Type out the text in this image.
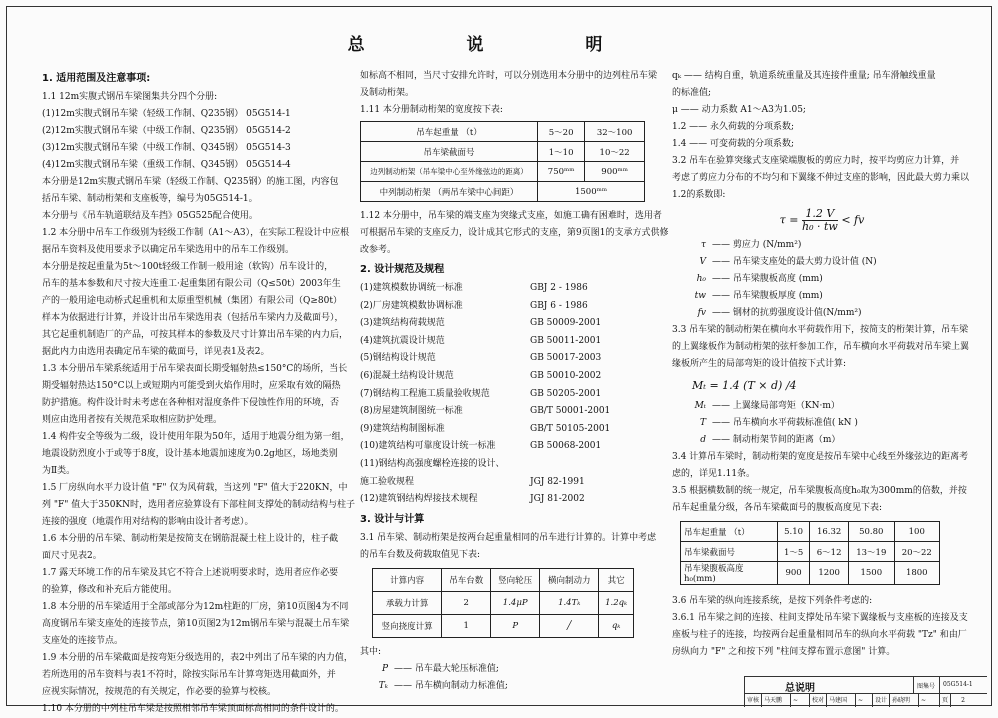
总 说 明

1. 适用范围及注意事项:

1.1 12m实腹式钢吊车梁图集共分四个分册:

(1)12m实腹式钢吊车梁（轻级工作制、Q235钢） 05G514-1

(2)12m实腹式钢吊车梁（中级工作制、Q235钢） 05G514-2

(3)12m实腹式钢吊车梁（中级工作制、Q345钢） 05G514-3

(4)12m实腹式钢吊车梁（重级工作制、Q345钢） 05G514-4

本分册是12m实腹式钢吊车梁（轻级工作制、Q235钢）的施工图，内容包

括吊车梁、制动桁架和支座板等，编号为05G514-1。

本分册与《吊车轨道联结及车挡》05G525配合使用。

1.2 本分册中吊车工作级别为轻级工作制（A1～A3），在实际工程设计中应根

据吊车资料及使用要求予以确定吊车梁选用中的吊车工作级别。

本分册是按起重量为5t～100t轻级工作制一般用途（软钩）吊车设计的，

吊车的基本参数和尺寸按大连重工·起重集团有限公司（Q≤50t）2003年生

产的一般用途电动桥式起重机和太原重型机械（集团）有限公司（Q≥80t）

样本为依据进行计算，并设计出吊车梁选用表（包括吊车梁内力及截面号），

其它起重机制造厂的产品，可按其样本的参数及尺寸计算出吊车梁的内力后，

据此内力由选用表确定吊车梁的截面号，详见表1及表2。

1.3 本分册吊车梁系统适用于吊车梁表面长期受辐射热≤150°C的场所，当长

期受辐射热达150°C以上或短期内可能受到火焰作用时，应采取有效的隔热

防护措施。构件设计时未考虑在各种相对湿度条件下侵蚀性作用的环境，否

则应由选用者按有关规范采取相应防护处理。

1.4 构件安全等级为二级，设计使用年限为50年，适用于地震分组为第一组，

地震设防烈度小于或等于8度，设计基本地震加速度为0.2g地区，场地类别

为Ⅱ类。

1.5 厂房纵向水平力设计值 "F" 仅为风荷载，当这列 "F" 值大于220KN，中

列 "F" 值大于350KN时，选用者应验算设有下部柱间支撑处的制动结构与柱子

连接的强度（地震作用对结构的影响由设计者考虑）。

1.6 本分册的吊车梁、制动桁架是按简支在钢筋混凝土柱上设计的，柱子截

面尺寸见表2。

1.7 露天环境工作的吊车梁及其它不符合上述说明要求时，选用者应作必要

的验算，修改和补充后方能使用。

1.8 本分册的吊车梁适用于全部或部分为12m柱距的厂房，第10页图4为不同

高度钢吊车梁支座处的连接节点，第10页图2为12m钢吊车梁与混凝土吊车梁

支座处的连接节点。

1.9 本分册的吊车梁截面是按弯矩分级选用的，表2中列出了吊车梁的内力值，

若所选用的吊车资料与表1不符时，除按实际吊车计算弯矩选用截面外，并

应视实际情况，按规范的有关规定，作必要的验算与校核。

1.10 本分册的中列柱吊车梁是按照相邻吊车梁顶面标高相同的条件设计的。

如标高不相同，当尺寸安排允许时，可以分别选用本分册中的边列柱吊车梁

及制动桁架。

1.11 本分册制动桁架的宽度按下表:

吊车起重量 （t）	5～20	32～100
吊车梁截面号	1～10	10～22
边列制动桁架（吊车梁中心至外缘弦边的距离）	750ᵐᵐ	900ᵐᵐ
中列制动桁架 （两吊车梁中心间距）	1500ᵐᵐ	

1.12 本分册中，吊车梁的端支座为突缘式支座，如施工确有困难时，选用者

可根据吊车梁的支座反力，设计成其它形式的支座，第9页图1的支承方式供修

改参考。

2. 设计规范及规程

(1)建筑模数协调统一标准	GBJ 2 - 1986
(2)厂房建筑模数协调标准	GBJ 6 - 1986
(3)建筑结构荷载规范	GB 50009-2001
(4)建筑抗震设计规范	GB 50011-2001
(5)钢结构设计规范	GB 50017-2003
(6)混凝土结构设计规范	GB 50010-2002
(7)钢结构工程施工质量验收规范	GB 50205-2001
(8)房屋建筑制图统一标准	GB/T 50001-2001
(9)建筑结构制图标准	GB/T 50105-2001
(10)建筑结构可靠度设计统一标准	GB 50068-2001
(11)钢结构高强度螺栓连接的设计、
施工验收规程	JGJ 82-1991
(12)建筑钢结构焊接技术规程	JGJ 81-2002

3. 设计与计算

3.1 吊车梁、制动桁架是按两台起重量相同的吊车进行计算的。计算中考虑

的吊车台数及荷载取值见下表:

计算内容	吊车台数	竖向轮压	横向制动力	其它
承载力计算	2	1.4μP	1.4Tₖ	1.2qₖ
竖向挠度计算	1	P	╱	qₖ

其中:

P —— 吊车最大轮压标准值;
Tₖ —— 吊车横向制动力标准值;

qₖ —— 结构自重，轨道系统重量及其连接件重量; 吊车滑触线重量

的标准值;

μ —— 动力系数 A1～A3为1.05;

1.2 —— 永久荷载的分项系数;

1.4 —— 可变荷载的分项系数;

3.2 吊车在验算突缘式支座梁端腹板的剪应力时，按平均剪应力计算，并

考虑了剪应力分布的不均匀和下翼缘不伸过支座的影响，因此最大剪力乘以

1.2的系数即:

$\tau = \frac{1.2 V}{\text{h₀ · tw}}$ < fv

τ —— 剪应力 (N/mm²)
V —— 吊车梁支座处的最大剪力设计值 (N)
h₀ —— 吊车梁腹板高度 (mm)
tw —— 吊车梁腹板厚度 (mm)
fv —— 钢材的抗剪强度设计值(N/mm²)

3.3 吊车梁的制动桁架在横向水平荷载作用下，按简支的桁架计算，吊车梁

的上翼缘板作为制动桁架的弦杆参加工作，吊车横向水平荷载对吊车梁上翼

缘板所产生的局部弯矩的设计值按下式计算:

Mₜ = 1.4 (T × d) /4

Mₜ —— 上翼缘局部弯矩（KN·m）
T —— 吊车横向水平荷载标准值( kN )
d —— 制动桁架节间的距离（m）

3.4 计算吊车梁时，制动桁架的宽度是按吊车梁中心线至外缘弦边的距离考

虑的，详见1.11条。

3.5 根据横数制的统一规定，吊车梁腹板高度h₀取为300mm的倍数，并按

吊车起重量分级，各吊车梁截面号的腹板高度见下表:

吊车起重量 （t）	5.10	16.32	50.80	100
吊车梁截面号	1～5	6～12	13～19	20～22
吊车梁腹板高度 h₀(mm)	900	1200	1500	1800

3.6 吊车梁的纵向连接系统，是按下列条件考虑的:

3.6.1 吊车梁之间的连接、柱间支撑处吊车梁下翼缘板与支座板的连接及支

座板与柱子的连接，均按两台起重量相同吊车的纵向水平荷载 "Tz" 和由厂

房纵向力 "F" 之和按下列 "柱间支撑布置示意图" 计算。

总说明	图集号 05G514-1
审核 马天鹏	~	校对 马建国	~	设计 孙晓明	~	页	2
